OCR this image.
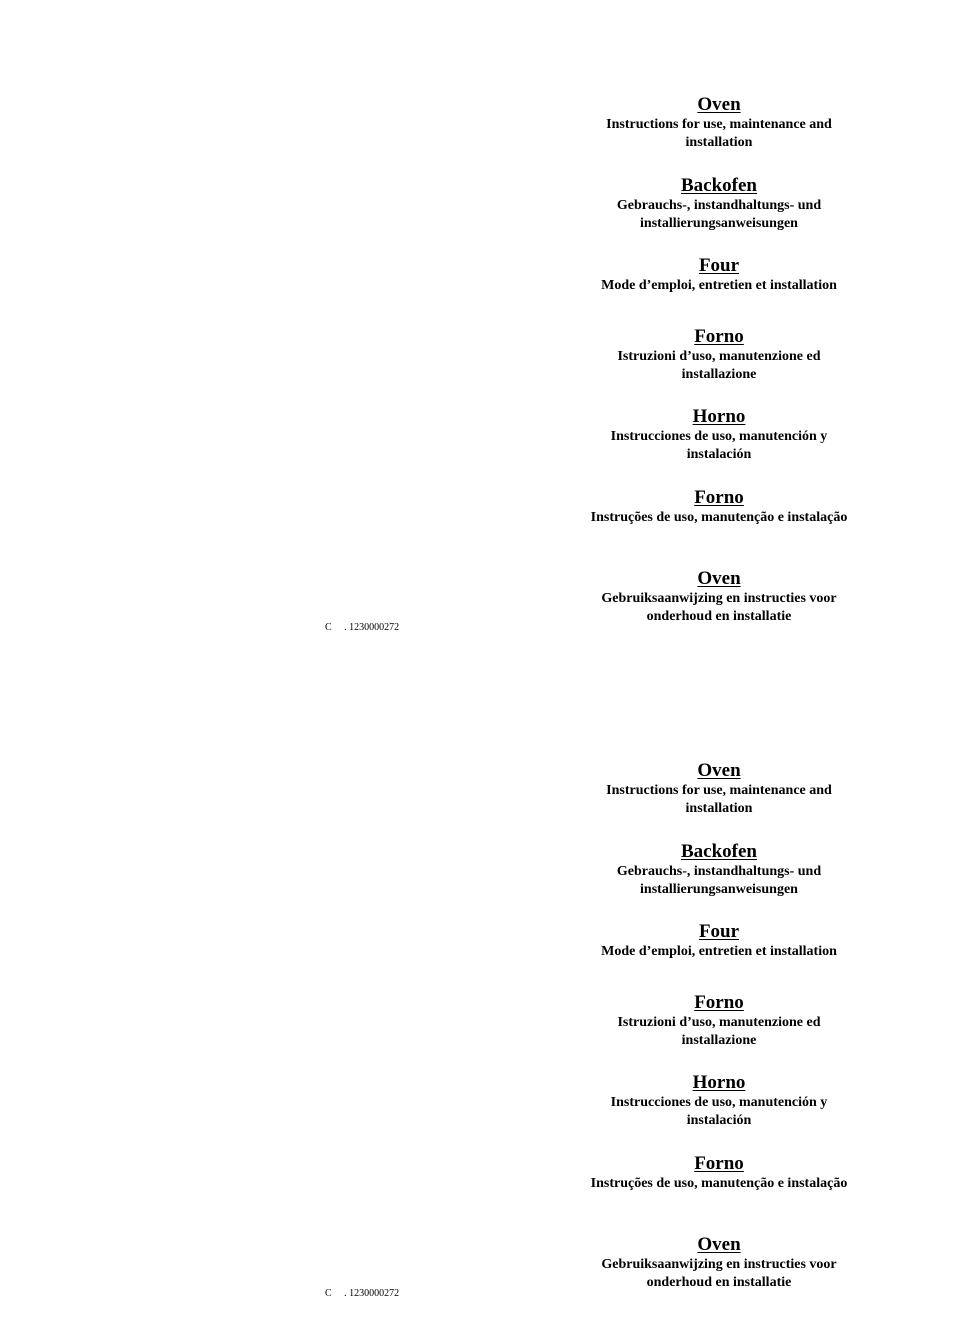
Oven
Instructions for use, maintenance and installation
Backofen
Gebrauchs-, instandhaltungs- und installierungsanweisungen
Four
Mode d’emploi, entretien et installation
Forno
Istruzioni d’uso, manutenzione ed installazione
Horno
Instrucciones de uso, manutención y instalación
Forno
Instruções de uso, manutenção e instalação
Oven
Gebruiksaanwijzing en instructies voor onderhoud en installatie
C     . 1230000272
Oven
Instructions for use, maintenance and installation
Backofen
Gebrauchs-, instandhaltungs- und installierungsanweisungen
Four
Mode d’emploi, entretien et installation
Forno
Istruzioni d’uso, manutenzione ed installazione
Horno
Instrucciones de uso, manutención y instalación
Forno
Instruções de uso, manutenção e instalação
Oven
Gebruiksaanwijzing en instructies voor onderhoud en installatie
C     . 1230000272
